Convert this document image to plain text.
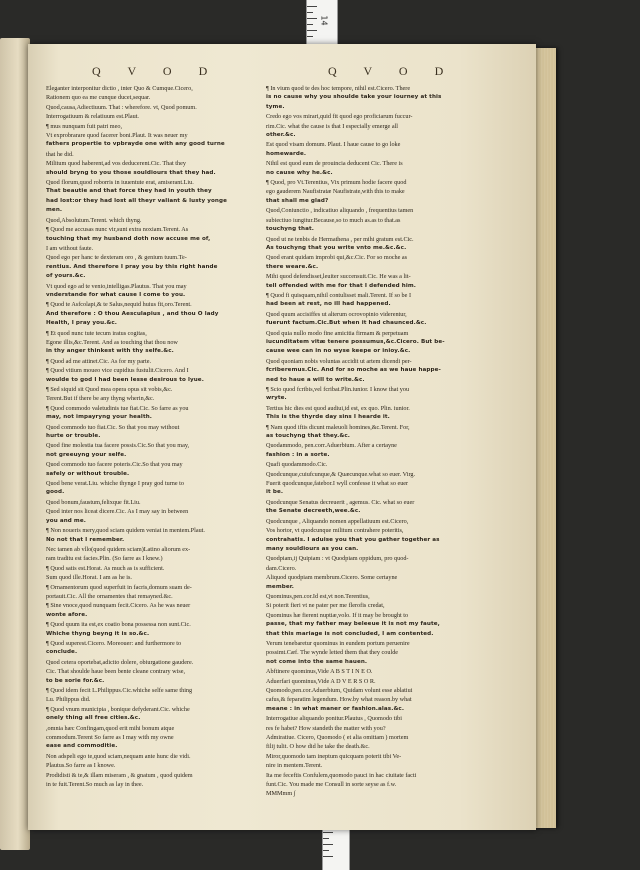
14
Q V O D	Q V O D

Eleganter interponitur dictio , inter Quo & Cumque.Cicero,

Rationem quo ea me cunque ducet,sequar.

Quod,causa,Adiectiuum. That : wherefore. vt, Quod pomum.

Interrogatiuum & relatiuum est.Plaut.

¶ mus nunquam fuit patri meo,

Vt exprobrarare quod facerer boni.Plaut. It was neuer my

fathers propertie to vpbrayde one with any good turne

that he did.

Militum quod haberent,ad vos deducerent.Cic. That they

should bryng to you those souldiours that they had.

Quod florum,quod roborris in iuuentute erat, amiserant.Liu.

That beautie and that force they had in youth they

had lost:or they had lost all theyr valiant & lusty yonge

men.

Quod,Absolutum.Terent. which thyng.

¶ Quod me accusas nunc vir,sunt extra noxiam.Terent. As

touching that my husband doth now accuse me of,

I am without faute.

Quod ego per hanc te dexteram oro , & genium tuum.Te-

rentius. And therefore I pray you by this right hande

of yours.&c.

Vt quod ego ad te venio,intelligas.Plautus. That you may

vnderstande for what cause I come to you.

¶ Quod te Asfcolapi,& te Salus,nequid huius fit,oro.Terent.

And therefore : O thou Aesculapius , and thou O lady

Health, I pray you.&c.

¶ Et quod nunc tute tecum iratus cogitas,

Egone illis,&c.Terent. And as touching that thou now

in thy anger thinkest with thy selfe.&c.

¶ Quod ad me attinet.Cic. As for my parte.

¶ Quod vitium moueo vice cupidius fustulit.Cicero. And I

woulde to god I had been lesse desirous to lyue.

¶ Sed siquid sit Quod mea opera opus sit vobis,&c.

Terent.But if there be any thyng wherin,&c.

¶ Quod commodo valetudinis tue fiat.Cic. So farre as you

may, not impayryng your health.

Quod commodo tuo fiat.Cic. So that you may without

hurte or trouble.

Quod fine molestia tua facere possis.Cic.So that you may,

not greeuyng your selfe.

Quod commodo tuo facere poteris.Cic.So that you may

safely or without trouble.

Quod bene verat.Liu. whiche thynge I pray god turne to

good.

Quod bonum,faustum,felixque fit.Liu.

Quod inter nos liceat dicere.Cic. As I may say in between

you and me.

¶ Non noueris mery,quod sciam quidem veniat in mentem.Plaut.

No not that I remember.

Nec tamen ab vllo(quod quidem sciam)Latino aliorum ex-

ram traditu est facies.Plin. (So farre as I knew.)

¶ Quod satis est.Horat. As much as is sufficient.

Sum quod ille.Horat. I am as he is.

¶ Ornamentorum quod superfuit in facris,domum suam de-

portauit.Cic. All the ornamentes that remayned.&c.

¶ Sine vnoce,quod nunquam fecit.Cicero. As he was neuer

wonte afore.

¶ Quod quum ita est,ex coatio bona possessa non sunt.Cic.

Whiche thyng beyng it is so.&c.

¶ Quod superest.Cicero. Moreouer: and furthermore to

conclude.

Quod cetera oportebat,adicito dolere, obiurgatione gaudere.

Cic. That shoulde haue been bente cleane contrary wise,

to be sorie for.&c.

¶ Quod idem fecit L.Philippus.Cic.whiche selfe same thing

Lu. Philippus did.

¶ Quod vnum municipia , bonique defyderant.Cic. whiche

onely thing all free cities.&c.

,omnia hæc Confingam,quod erit mihi bonum atque

commodum.Terent So farre as I may with my owne

ease and commoditie.

Non adspeli ego te,quod sciam,nequam ante hunc die vidi.

Plautus.So farre as I knowe.

Prodidisti & te,& illam miseram , & gnatum , quod quidem

in te fuit.Terent.So much as lay in thee.

¶ In vium quod te des hoc tempore, nihil est.Cicero. There

is no cause why you shoulde take your iourney at this

tyme.

Credo ego vos mirari,quid fit quod ego proficiarum fuccur-

rim.Cic. what the cause is that I especially emerge all

other.&c.

Est quod visam domum. Plaut. I haue cause to go loke

homewarde.

Nihil est quod eum de prouincia deducent Cic. There is

no cause why he.&c.

¶ Quod, pro Vt.Terentius, Vix primum hodie facere quod

ego gauderem Naufistratæ Naufistrate,with this to make

that shall me glad?

Quod,Coniunctio , indicatiuo aliquando , frequentius tamen

subiectiuo iungitur.Because,so to much as.as to that.as

touchyng that.

Quod ut ne tenbis de Hermathena , per mihi gratum est.Cic.

As touchyng that you write vnto me.&c.&c.

Quod erant quidam improbi qui,&c.Cic. For so moche as

there weare.&c.

Mihi quod defendisset,leuiter succensuit.Cic. He was a lit-

tell offended with me for that I defended him.

¶ Quod fi quisquam,nihil contulisset mali.Terent. If so be I

had been at rest, no ill had happened.

Quod quum accisiffes ut alterum ocrovopinio viderentur,

fuerunt factum.Cic.But when it had chaunced.&c.

Quod quia nullo modo fine amicitia firmam & perpetuam

iucunditatem vitæ tenere possumus,&c.Cicero. But be-

cause wee can in no wyse keepe or inioy.&c.

Quod quoniam nobis voluntas accidit ut artem dicendi per-

fcriberemus.Cic. And for so moche as we haue happe-

ned to haue a will to write.&c.

¶ Scio quod fcribis,vel fcribat.Plin.iunior. I know that you

wryte.

Tertius hic dies est quod audiui,id est, ex quo. Plin. iunior.

This is the thyrde day sins I hearde it.

¶ Nam quod iftis dicunt maleuoli homines,&c.Terent. For,

as touchyng that they.&c.

Quodammodo, pen.corr.Aduerbium. After a certayne

fashion : in a sorte.

Quafi quodammodo.Cic.

Quodcunque,cuiufcunque,& Quæcunque.what so euer. Virg.

Fuerit quodcunque,fatebor.I wyll confesse it what so euer

it be.

Quodcunque Senatus decreuerit , agemus. Cic. what so euer

the Senate decreeth,wee.&c.

Quodcunque , Aliquando nomen appellatiuum est.Cicero,

Vos hortor, vt quodcunque militum contrahere poteritis,

contrahatis. I aduise you that you gather together as

many souldiours as you can.

Quodpiam,ij Quipiam : vt Quodpiam oppidum, pro quod-

dam.Cicero.

Aliquod quodpiam membrum.Cicero. Some certayne

member.

Quominus,pen.cor.Id est,vt non.Terentius,

Si poterit fieri vt ne pater per me flerofis credat,

Quominus hæ fierent nuptiæ,volo. If it may be brought to

passe, that my father may beleeue it is not my faute,

that this mariage is not concluded, I am contented.

Verum tenebaretur quominus in eundem portum peruenire

possimt.Cæf. The wynde letted them that they coulde

not come into the same hauen.

Abftinere quominus,Vide A B S T I N E O.

Aduerfari quominus,Vide A D V E R S O R.

Quomodo,pen.cor.Aduerbium, Quidam volunt esse ablatiui

cafus,& feparatim legendum. How.by what reason.by what

meane : in what maner or fashion.alas.&c.

Interrogatiue aliquando ponitur.Plautus , Quomodo tibi

res fe habet? How standeth the matter with you?

Admiratiue. Cicero, Quomodo ( et alia omittam ) mortem

filij tulit. O how did he take the death.&c.

Miror,quomodo tam ineptum quicquam poterit tibi Ve-

nire in mentem.Terent.

Ita me feceftis Confulem,quomodo pauci in hac ciuitate facti

funt.Cic. You made me Consull in sorte seyse as f.w.

MMMmm ∫
